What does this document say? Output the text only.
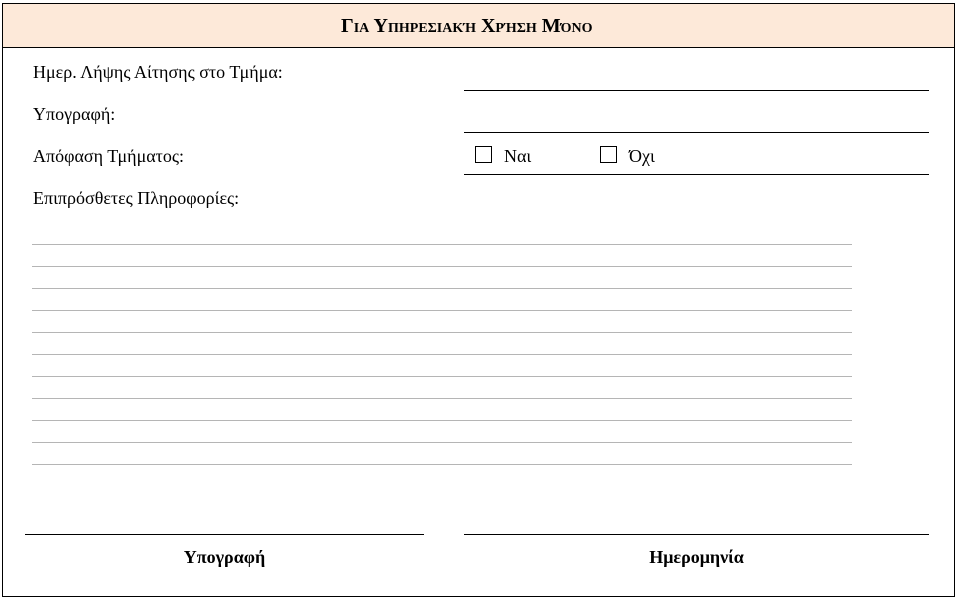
Για Υπηρεσιακή Χρήση Μόνο
Ημερ. Λήψης Αίτησης στο Τμήμα:
Υπογραφή:
Απόφαση Τμήματος:	Ναι	Όχι
Επιπρόσθετες Πληροφορίες:
Υπογραφή	Ημερομηνία
